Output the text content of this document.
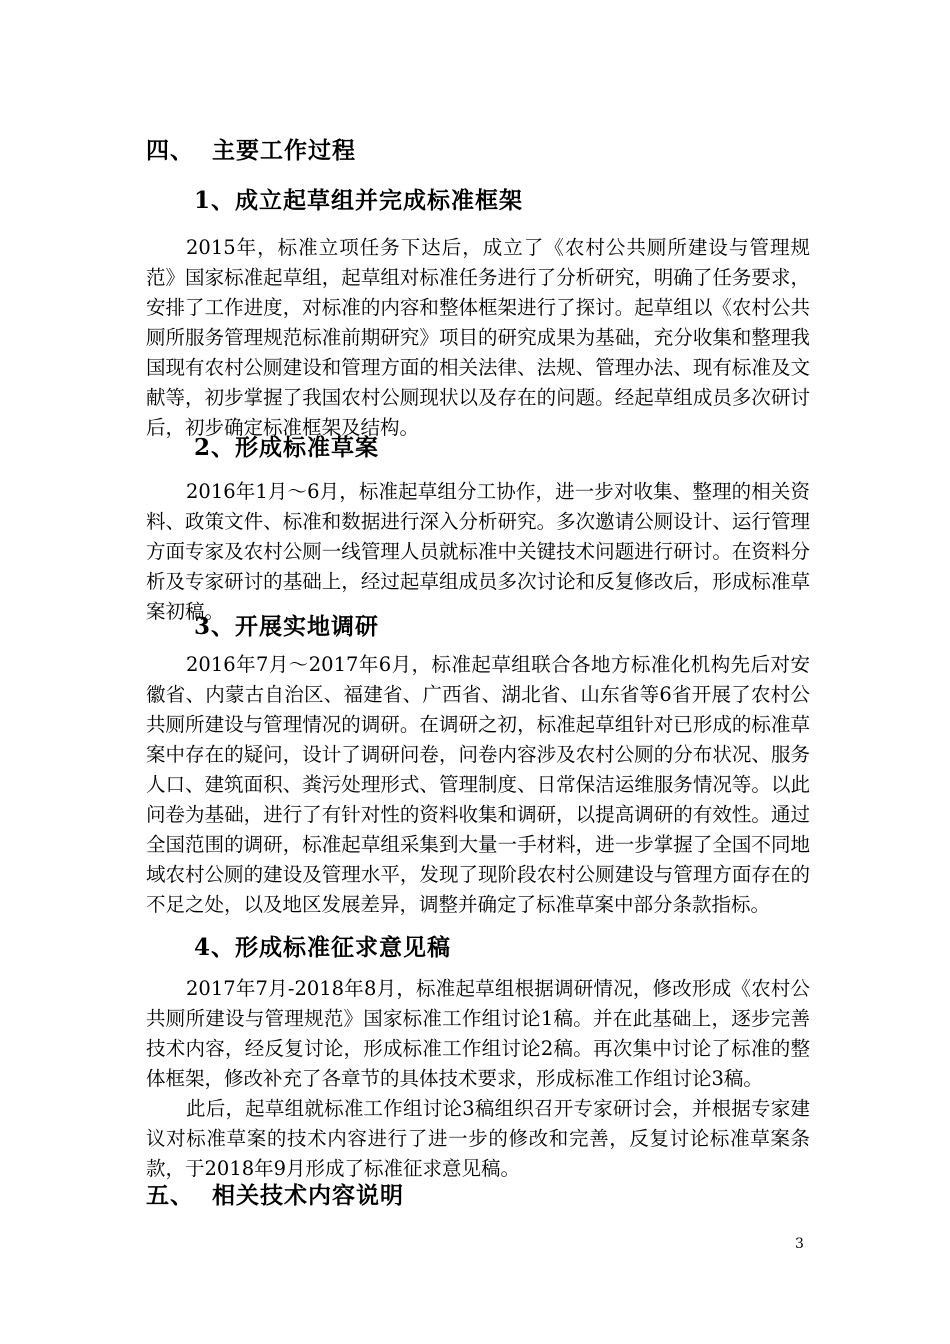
四、 主要工作过程
1、成立起草组并完成标准框架

2015年，标准立项任务下达后，成立了《农村公共厕所建设与管理规范》国家标准起草组，起草组对标准任务进行了分析研究，明确了任务要求，安排了工作进度，对标准的内容和整体框架进行了探讨。起草组以《农村公共厕所服务管理规范标准前期研究》项目的研究成果为基础，充分收集和整理我国现有农村公厕建设和管理方面的相关法律、法规、管理办法、现有标准及文献等，初步掌握了我国农村公厕现状以及存在的问题。经起草组成员多次研讨后，初步确定标准框架及结构。

2、形成标准草案

2016年1月～6月，标准起草组分工协作，进一步对收集、整理的相关资料、政策文件、标准和数据进行深入分析研究。多次邀请公厕设计、运行管理方面专家及农村公厕一线管理人员就标准中关键技术问题进行研讨。在资料分析及专家研讨的基础上，经过起草组成员多次讨论和反复修改后，形成标准草案初稿。

3、开展实地调研

2016年7月～2017年6月，标准起草组联合各地方标准化机构先后对安徽省、内蒙古自治区、福建省、广西省、湖北省、山东省等6省开展了农村公共厕所建设与管理情况的调研。在调研之初，标准起草组针对已形成的标准草案中存在的疑问，设计了调研问卷，问卷内容涉及农村公厕的分布状况、服务人口、建筑面积、粪污处理形式、管理制度、日常保洁运维服务情况等。以此问卷为基础，进行了有针对性的资料收集和调研，以提高调研的有效性。通过全国范围的调研，标准起草组采集到大量一手材料，进一步掌握了全国不同地域农村公厕的建设及管理水平，发现了现阶段农村公厕建设与管理方面存在的不足之处，以及地区发展差异，调整并确定了标准草案中部分条款指标。

4、形成标准征求意见稿

2017年7月-2018年8月，标准起草组根据调研情况，修改形成《农村公共厕所建设与管理规范》国家标准工作组讨论1稿。并在此基础上，逐步完善技术内容，经反复讨论，形成标准工作组讨论2稿。再次集中讨论了标准的整体框架，修改补充了各章节的具体技术要求，形成标准工作组讨论3稿。

此后，起草组就标准工作组讨论3稿组织召开专家研讨会，并根据专家建议对标准草案的技术内容进行了进一步的修改和完善，反复讨论标准草案条款，于2018年9月形成了标准征求意见稿。

五、 相关技术内容说明
3
